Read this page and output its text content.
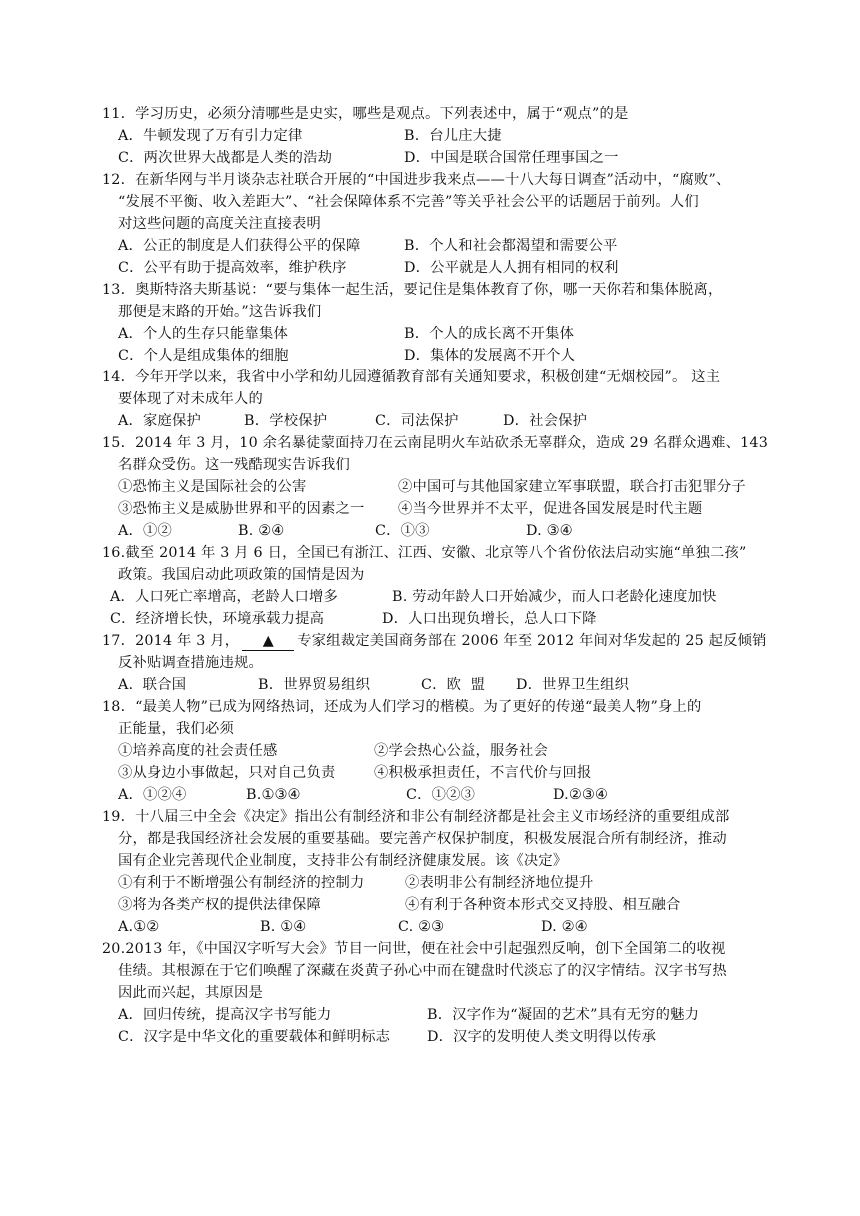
11．学习历史，必须分清哪些是史实，哪些是观点。下列表述中，属于“观点”的是
A．牛顿发现了万有引力定律	B．台儿庄大捷
C．两次世界大战都是人类的浩劫	D．中国是联合国常任理事国之一
12．在新华网与半月谈杂志社联合开展的“中国进步我来点——十八大每日调查”活动中，“腐败”、
“发展不平衡、收入差距大”、“社会保障体系不完善”等关乎社会公平的话题居于前列。人们
对这些问题的高度关注直接表明
A．公正的制度是人们获得公平的保障	B．个人和社会都渴望和需要公平
C．公平有助于提高效率，维护秩序	D．公平就是人人拥有相同的权利
13．奥斯特洛夫斯基说：“要与集体一起生活，要记住是集体教育了你，哪一天你若和集体脱离，
那便是末路的开始。”这告诉我们
A．个人的生存只能靠集体	B．个人的成长离不开集体
C．个人是组成集体的细胞	D．集体的发展离不开个人
14．今年开学以来，我省中小学和幼儿园遵循教育部有关通知要求，积极创建“无烟校园”。 这主
要体现了对未成年人的
A．家庭保护	B．学校保护	C．司法保护	D．社会保护
15．2014 年 3 月，10 余名暴徒蒙面持刀在云南昆明火车站砍杀无辜群众，造成 29 名群众遇难、143
名群众受伤。这一残酷现实告诉我们
①恐怖主义是国际社会的公害	②中国可与其他国家建立军事联盟，联合打击犯罪分子
③恐怖主义是威胁世界和平的因素之一 ④当今世界并不太平，促进各国发展是时代主题
A．①②	B. ②④	C．①③	D. ③④
16.截至 2014 年 3 月 6 日，全国已有浙江、江西、安徽、北京等八个省份依法启动实施“单独二孩”
政策。我国启动此项政策的国情是因为
A．人口死亡率增高，老龄人口增多	B. 劳动年龄人口开始减少，而人口老龄化速度加快
C．经济增长快，环境承载力提高	D．人口出现负增长，总人口下降
17．2014 年 3 月， ▲ 专家组裁定美国商务部在 2006 年至 2012 年间对华发起的 25 起反倾销
反补贴调查措施违规。
A.  联合国	B．世界贸易组织	C．欧  盟 D．世界卫生组织
18．“最美人物”已成为网络热词，还成为人们学习的楷模。为了更好的传递“最美人物”身上的
正能量，我们必须
①培养高度的社会责任感	②学会热心公益，服务社会
③从身边小事做起，只对自己负责	④积极承担责任，不言代价与回报
A．①②④	B.①③④	C．①②③	D.②③④
19．十八届三中全会《决定》指出公有制经济和非公有制经济都是社会主义市场经济的重要组成部
分，都是我国经济社会发展的重要基础。要完善产权保护制度，积极发展混合所有制经济，推动
国有企业完善现代企业制度，支持非公有制经济健康发展。该《决定》
①有利于不断增强公有制经济的控制力	②表明非公有制经济地位提升
③将为各类产权的提供法律保障	④有利于各种资本形式交叉持股、相互融合
A.①②	B. ①④	C. ②③	D. ②④
20.2013 年，《中国汉字听写大会》节目一问世，便在社会中引起强烈反响，创下全国第二的收视
佳绩。其根源在于它们唤醒了深藏在炎黄子孙心中而在键盘时代淡忘了的汉字情结。汉字书写热
因此而兴起，其原因是
A．回归传统，提高汉字书写能力	B．汉字作为“凝固的艺术”具有无穷的魅力
C．汉字是中华文化的重要载体和鲜明标志	D．汉字的发明使人类文明得以传承
